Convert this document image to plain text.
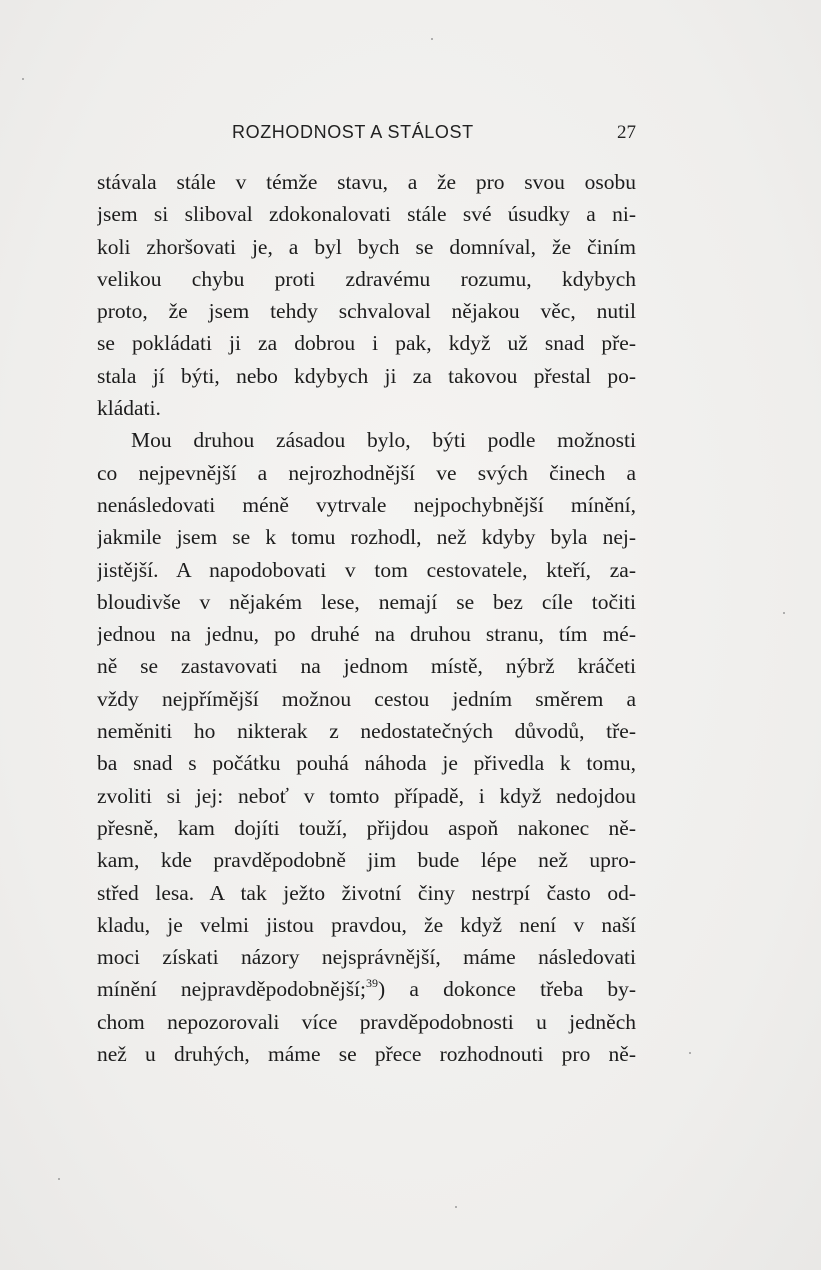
ROZHODNOST A STÁLOST	27
stávala stále v témže stavu, a že pro svou osobu
jsem si sliboval zdokonalovati stále své úsudky a ni-
koli zhoršovati je, a byl bych se domníval, že činím
velikou chybu proti zdravému rozumu, kdybych
proto, že jsem tehdy schvaloval nějakou věc, nutil
se pokládati ji za dobrou i pak, když už snad pře-
stala jí býti, nebo kdybych ji za takovou přestal po-
kládati.
Mou druhou zásadou bylo, býti podle možnosti
co nejpevnější a nejrozhodnější ve svých činech a
nenásledovati méně vytrvale nejpochybnější mínění,
jakmile jsem se k tomu rozhodl, než kdyby byla nej-
jistější. A napodobovati v tom cestovatele, kteří, za-
bloudivše v nějakém lese, nemají se bez cíle točiti
jednou na jednu, po druhé na druhou stranu, tím mé-
ně se zastavovati na jednom místě, nýbrž kráčeti
vždy nejpřímější možnou cestou jedním směrem a
neměniti ho nikterak z nedostatečných důvodů, tře-
ba snad s počátku pouhá náhoda je přivedla k tomu,
zvoliti si jej: neboť v tomto případě, i když nedojdou
přesně, kam dojíti touží, přijdou aspoň nakonec ně-
kam, kde pravděpodobně jim bude lépe než upro-
střed lesa. A tak ježto životní činy nestrpí často od-
kladu, je velmi jistou pravdou, že když není v naší
moci získati názory nejsprávnější, máme následovati
mínění nejpravděpodobnější;$^{39}$) a dokonce třeba by-
chom nepozorovali více pravděpodobnosti u jedněch
než u druhých, máme se přece rozhodnouti pro ně-
